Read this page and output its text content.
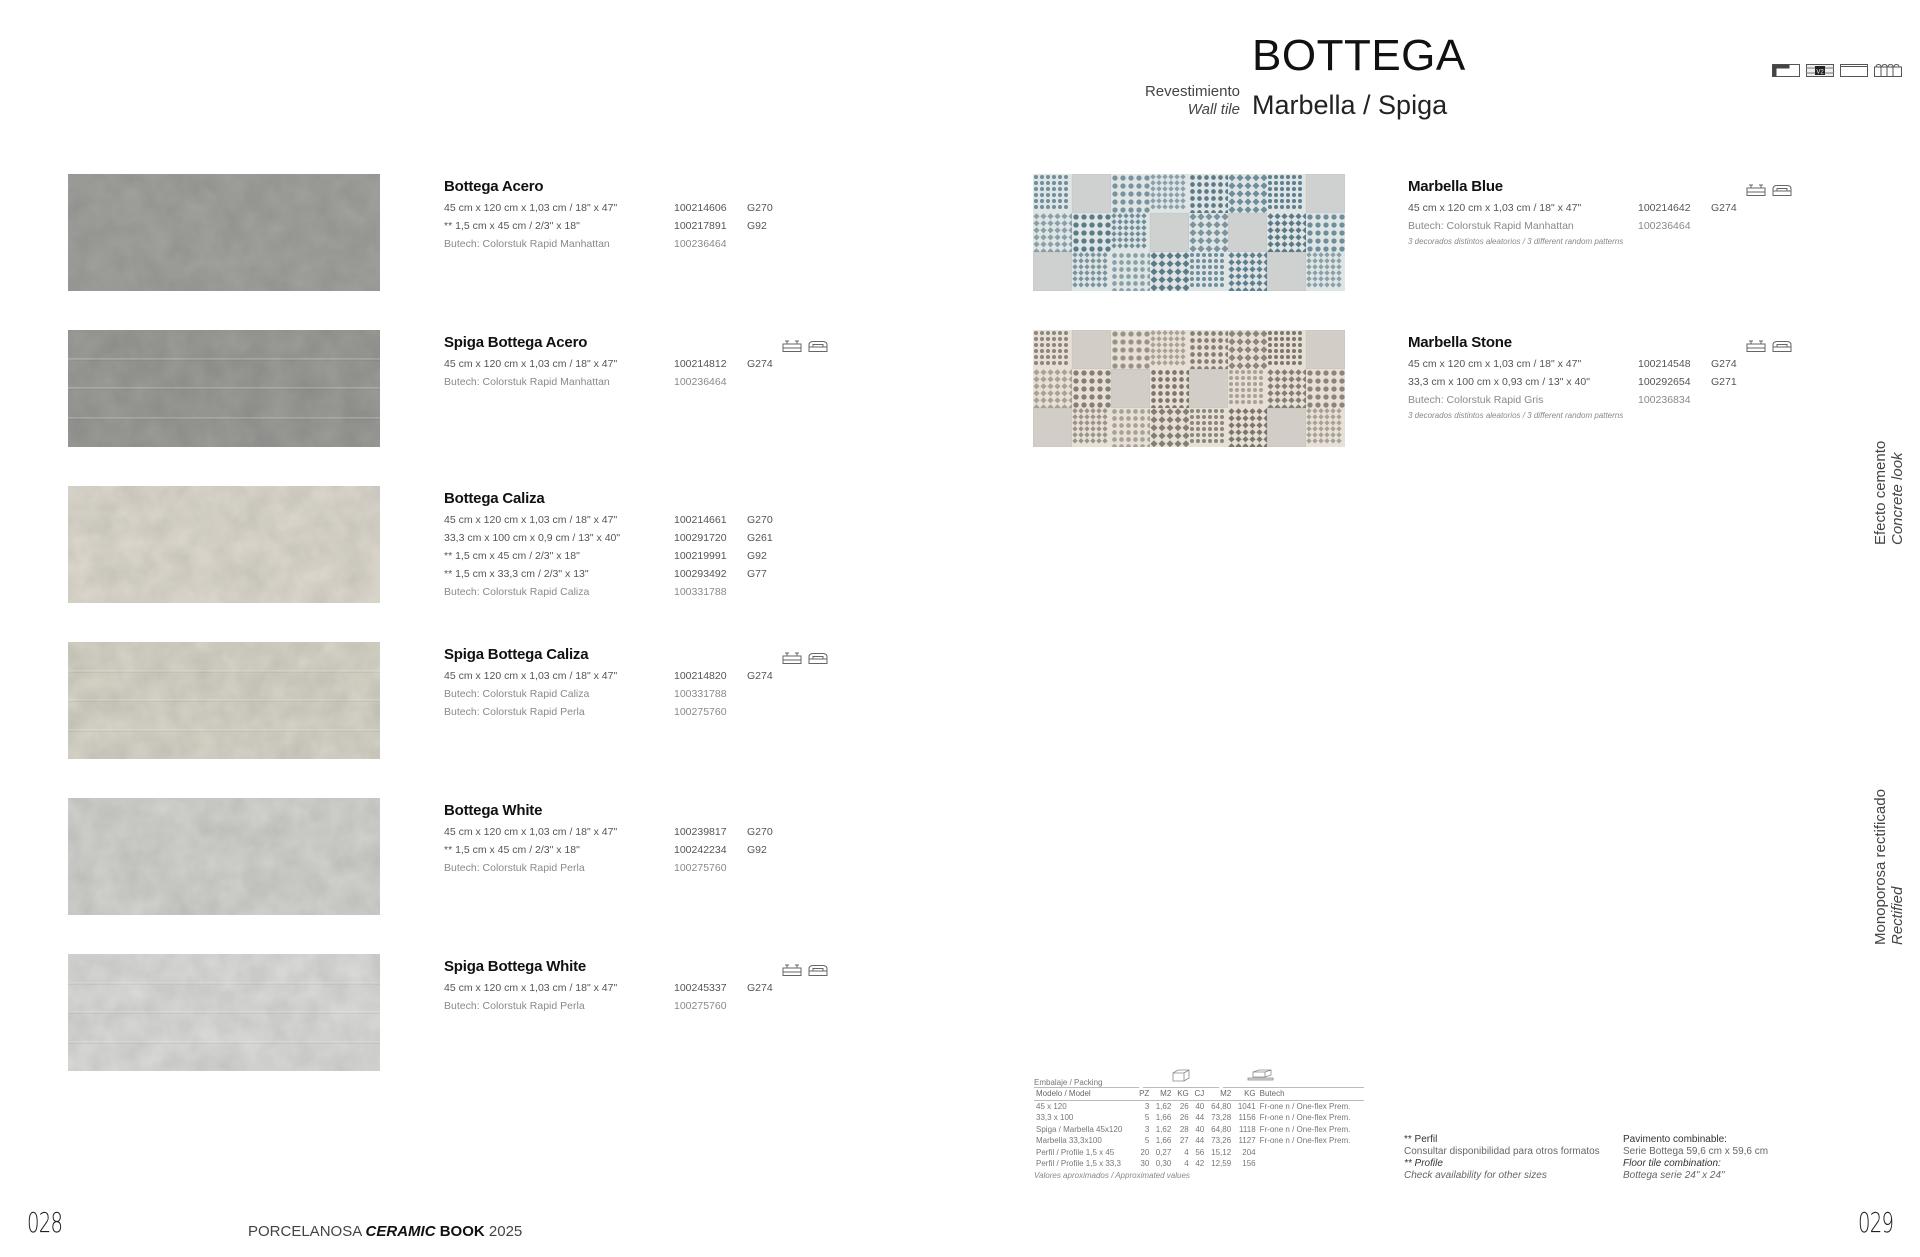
Revestimiento
Wall tile
BOTTEGA
Marbella / Spiga
V2
Bottega Acero
45 cm x 120 cm x 1,03 cm / 18" x 47"	100214606	G270
** 1,5 cm x 45 cm / 2/3" x 18"	100217891	G92
Butech: Colorstuk Rapid Manhattan	100236464
Spiga Bottega Acero
45 cm x 120 cm x 1,03 cm / 18" x 47"	100214812	G274
Butech: Colorstuk Rapid Manhattan	100236464
Bottega Caliza
45 cm x 120 cm x 1,03 cm / 18" x 47"	100214661	G270
33,3 cm x 100 cm x 0,9 cm / 13" x 40"	100291720	G261
** 1,5 cm x 45 cm / 2/3" x 18"	100219991	G92
** 1,5 cm x 33,3 cm / 2/3" x 13"	100293492	G77
Butech: Colorstuk Rapid Caliza	100331788
Spiga Bottega Caliza
45 cm x 120 cm x 1,03 cm / 18" x 47"	100214820	G274
Butech: Colorstuk Rapid Caliza	100331788
Butech: Colorstuk Rapid Perla	100275760
Bottega White
45 cm x 120 cm x 1,03 cm / 18" x 47"	100239817	G270
** 1,5 cm x 45 cm / 2/3" x 18"	100242234	G92
Butech: Colorstuk Rapid Perla	100275760
Spiga Bottega White
45 cm x 120 cm x 1,03 cm / 18" x 47"	100245337	G274
Butech: Colorstuk Rapid Perla	100275760
Marbella Blue
45 cm x 120 cm x 1,03 cm / 18" x 47"	100214642	G274
Butech: Colorstuk Rapid Manhattan	100236464
3 decorados distintos aleatorios / 3 different random patterns
Marbella Stone
45 cm x 120 cm x 1,03 cm / 18" x 47"	100214548	G274
33,3 cm x 100 cm x 0,93 cm / 13" x 40"	100292654	G271
Butech: Colorstuk Rapid Gris	100236834
3 decorados distintos aleatorios / 3 different random patterns
Efecto cemento Concrete look
Monoporosa rectificado Rectified
Embalaje / Packing
Modelo / Model	PZ	M2	KG	CJ	M2	KG	Butech
45 x 120	3	1,62	26	40	64,80	1041	Fr-one n / One-flex Prem.
33,3 x 100	5	1,66	26	44	73,28	1156	Fr-one n / One-flex Prem.
Spiga / Marbella 45x120	3	1,62	28	40	64,80	1118	Fr-one n / One-flex Prem.
Marbella 33,3x100	5	1,66	27	44	73,26	1127	Fr-one n / One-flex Prem.
Perfil / Profile 1,5 x 45	20	0,27	4	56	15,12	204	
Perfil / Profile 1,5 x 33,3	30	0,30	4	42	12,59	156	
Valores aproximados / Approximated values
** Perfil
Consultar disponibilidad para otros formatos
** Profile
Check availability for other sizes
Pavimento combinable:
Serie Bottega 59,6 cm x 59,6 cm
Floor tile combination:
Bottega serie 24" x 24"
028	029
PORCELANOSA CERAMIC BOOK 2025
